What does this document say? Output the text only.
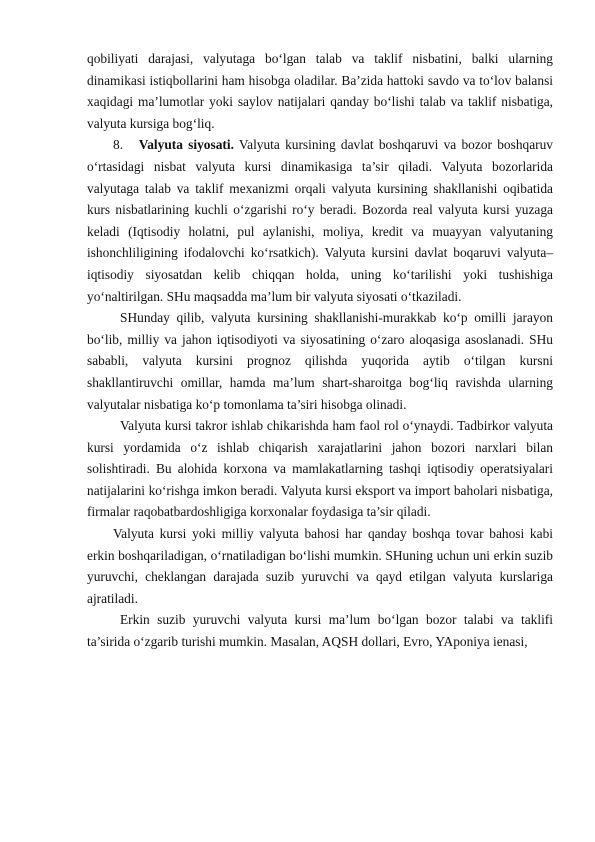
qobiliyati darajasi, valyutaga bo‘lgan talab va taklif nisbatini, balki ularning dinamikasi istiqbollarini ham hisobga oladilar. Ba’zida hattoki savdo va to‘lov balansi xaqidagi ma’lumotlar yoki saylov natijalari qanday bo‘lishi talab va taklif nisbatiga, valyuta kursiga bog‘liq.

8. Valyuta siyosati. Valyuta kursining davlat boshqaruvi va bozor boshqaruv o‘rtasidagi nisbat valyuta kursi dinamikasiga ta’sir qiladi. Valyuta bozorlarida valyutaga talab va taklif mexanizmi orqali valyuta kursining shakllanishi oqibatida kurs nisbatlarining kuchli o‘zgarishi ro‘y beradi. Bozorda real valyuta kursi yuzaga keladi (Iqtisodiy holatni, pul aylanishi, moliya, kredit va muayyan valyutaning ishonchliligining ifodalovchi ko‘rsatkich). Valyuta kursini davlat boqaruvi valyuta–iqtisodiy siyosatdan kelib chiqqan holda, uning ko‘tarilishi yoki tushishiga yo‘naltirilgan. SHu maqsadda ma’lum bir valyuta siyosati o‘tkaziladi.

SHunday qilib, valyuta kursining shakllanishi-murakkab ko‘p omilli jarayon bo‘lib, milliy va jahon iqtisodiyoti va siyosatining o‘zaro aloqasiga asoslanadi. SHu sababli, valyuta kursini prognoz qilishda yuqorida aytib o‘tilgan kursni shakllantiruvchi omillar, hamda ma’lum shart-sharoitga bog‘liq ravishda ularning valyutalar nisbatiga ko‘p tomonlama ta’siri hisobga olinadi.

Valyuta kursi takror ishlab chikarishda ham faol rol o‘ynaydi. Tadbirkor valyuta kursi yordamida o‘z ishlab chiqarish xarajatlarini jahon bozori narxlari bilan solishtiradi. Bu alohida korxona va mamlakatlarning tashqi iqtisodiy operatsiyalari natijalarini ko‘rishga imkon beradi. Valyuta kursi eksport va import baholari nisbatiga, firmalar raqobatbardoshligiga korxonalar foydasiga ta’sir qiladi.

Valyuta kursi yoki milliy valyuta bahosi har qanday boshqa tovar bahosi kabi erkin boshqariladigan, o‘rnatiladigan bo‘lishi mumkin. SHuning uchun uni erkin suzib yuruvchi, cheklangan darajada suzib yuruvchi va qayd etilgan valyuta kurslariga ajratiladi.

Erkin suzib yuruvchi valyuta kursi ma’lum bo‘lgan bozor talabi va taklifi ta’sirida o‘zgarib turishi mumkin. Masalan, AQSH dollari, Evro, YAponiya ienasi,
